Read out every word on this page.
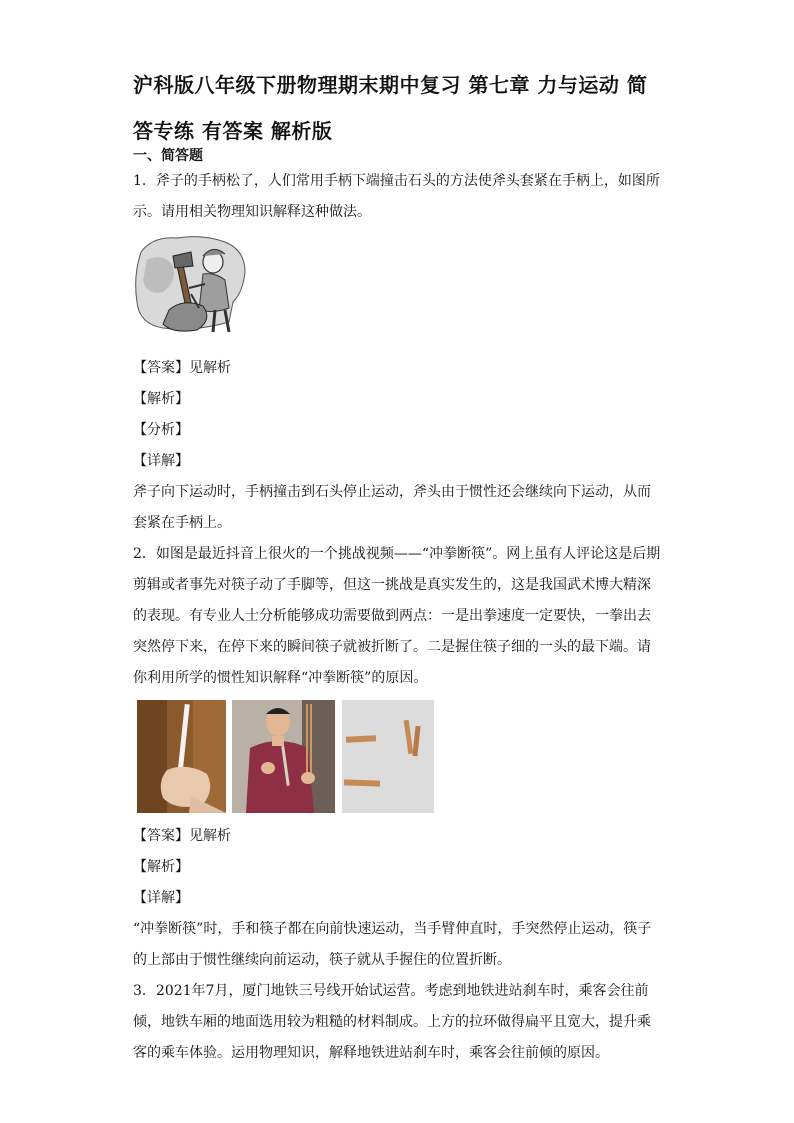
沪科版八年级下册物理期末期中复习 第七章 力与运动 简答专练 有答案 解析版
一、简答题
1．斧子的手柄松了，人们常用手柄下端撞击石头的方法使斧头套紧在手柄上，如图所示。请用相关物理知识解释这种做法。
【答案】见解析
【解析】
【分析】
【详解】
斧子向下运动时，手柄撞击到石头停止运动，斧头由于惯性还会继续向下运动，从而套紧在手柄上。
2．如图是最近抖音上很火的一个挑战视频——“冲拳断筷”。网上虽有人评论这是后期剪辑或者事先对筷子动了手脚等，但这一挑战是真实发生的，这是我国武术博大精深的表现。有专业人士分析能够成功需要做到两点：一是出拳速度一定要快，一拳出去突然停下来，在停下来的瞬间筷子就被折断了。二是握住筷子细的一头的最下端。请你利用所学的惯性知识解释“冲拳断筷”的原因。
【答案】见解析
【解析】
【详解】
“冲拳断筷”时，手和筷子都在向前快速运动，当手臂伸直时，手突然停止运动，筷子的上部由于惯性继续向前运动，筷子就从手握住的位置折断。
3．2021年7月，厦门地铁三号线开始试运营。考虑到地铁进站刹车时，乘客会往前倾，地铁车厢的地面选用较为粗糙的材料制成。上方的拉环做得扁平且宽大，提升乘客的乘车体验。运用物理知识，解释地铁进站刹车时，乘客会往前倾的原因。
